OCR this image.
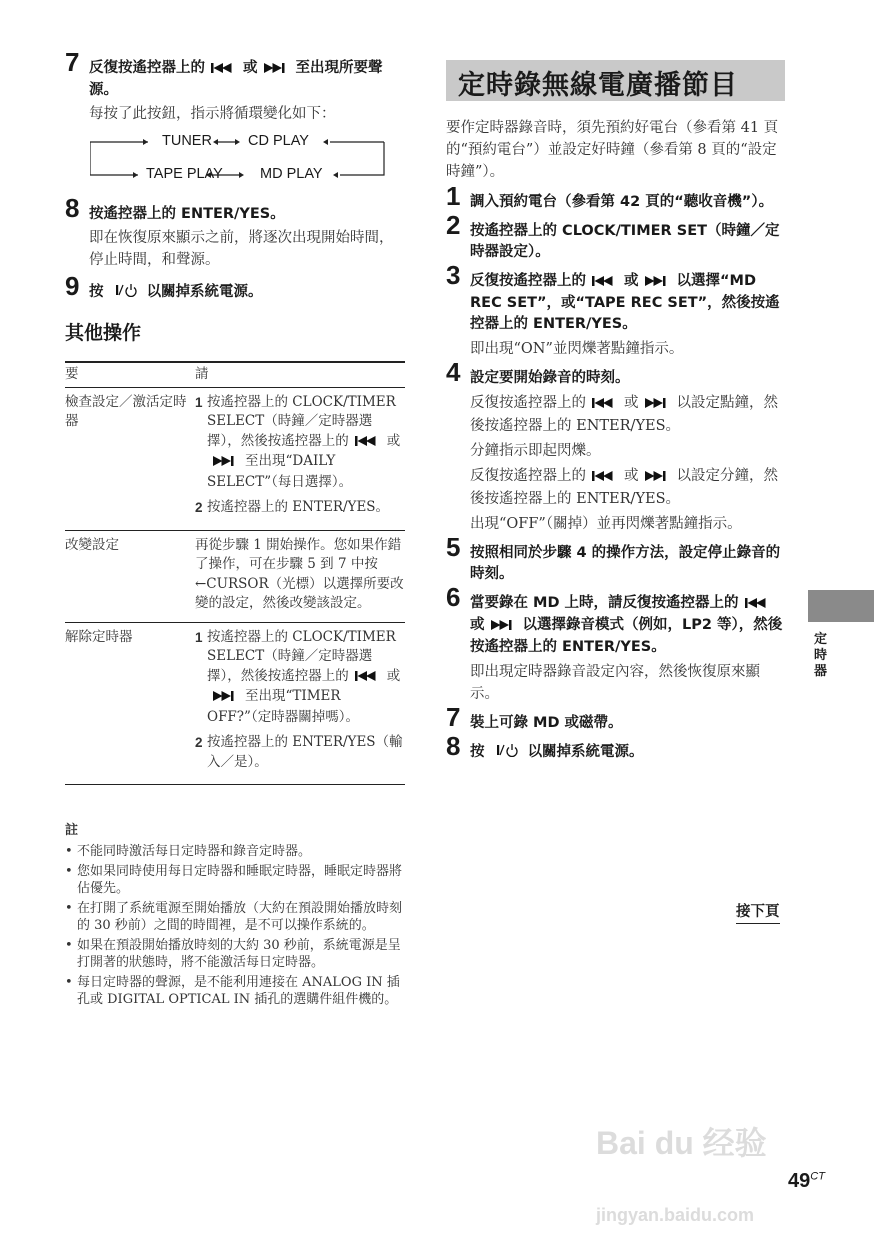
7 反復按遙控器上的	或	至出現所要聲源。
每按了此按鈕，指示將循環變化如下：
TUNER CD PLAY
TAPE PLAY	MD PLAY
8 按遙控器上的 ENTER/YES。
即在恢復原來顯示之前，將逐次出現開始時間，停止時間，和聲源。
9 按	以關掉系統電源。
其他操作
要	請
檢查設定／激活定時器	1 按遙控器上的 CLOCK/TIMER SELECT（時鐘／定時器選擇），然後按遙控器上的 或至出現“DAILY SELECT”（每日選擇）。
2 按遙控器上的 ENTER/YES。

改變設定	再從步驟 1 開始操作。您如果作錯了操作，可在步驟 5 到 7 中按 ←CURSOR（光標）以選擇所要改變的設定，然後改變該設定。

解除定時器	1 按遙控器上的 CLOCK/TIMER SELECT（時鐘／定時器選擇），然後按遙控器上的 或至出現“TIMER OFF?”（定時器關掉嗎）。
2 按遙控器上的 ENTER/YES（輸入／是）。
註
• 不能同時激活每日定時器和錄音定時器。
• 您如果同時使用每日定時器和睡眠定時器，睡眠定時器將佔優先。
• 在打開了系統電源至開始播放（大約在預設開始播放時刻的 30 秒前）之間的時間裡，是不可以操作系統的。
• 如果在預設開始播放時刻的大約 30 秒前，系統電源是呈打開著的狀態時，將不能激活每日定時器。
• 每日定時器的聲源，是不能利用連接在 ANALOG IN 插孔或 DIGITAL OPTICAL IN 插孔的選購件組件機的。
定時錄無線電廣播節目
要作定時器錄音時，須先預約好電台（參看第 41 頁的“預約電台”）並設定好時鐘（參看第 8 頁的“設定時鐘”）。
1 調入預約電台（參看第 42 頁的“聽收音機”）。
2 按遙控器上的 CLOCK/TIMER SET（時鐘／定時器設定）。
3 反復按遙控器上的	或	以選擇“MD REC SET”，或“TAPE REC SET”，然後按遙控器上的 ENTER/YES。
即出現“ON”並閃爍著點鐘指示。
4 設定要開始錄音的時刻。
反復按遙控器上的	或	以設定點鐘，然後按遙控器上的 ENTER/YES。
分鐘指示即起閃爍。
反復按遙控器上的	或	以設定分鐘，然後按遙控器上的 ENTER/YES。
出現“OFF”（關掉）並再閃爍著點鐘指示。
5 按照相同於步驟 4 的操作方法，設定停止錄音的時刻。
6 當要錄在 MD 上時，請反復按遙控器上的或	以選擇錄音模式（例如，LP2 等），然後按遙控器上的 ENTER/YES。
即出現定時器錄音設定內容，然後恢復原來顯示。
7 裝上可錄 MD 或磁帶。
8 按	以關掉系統電源。
接下頁
定時器
Bai du 经验
jingyan.baidu.com
$49^{CT}$
